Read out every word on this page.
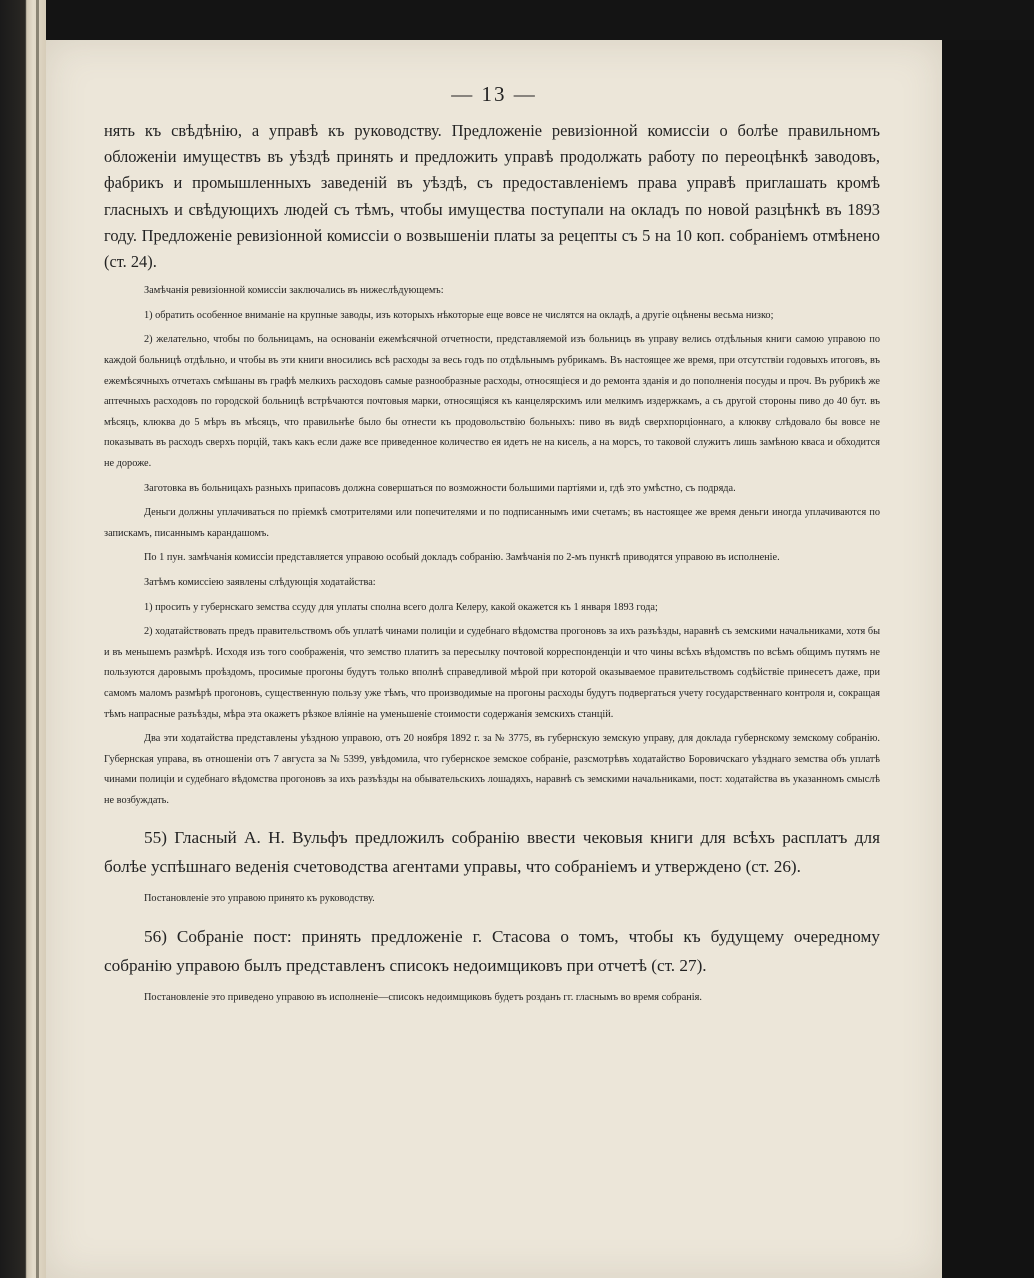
— 13 —

нять къ свѣдѣнію, а управѣ къ руководству. Предложеніе ревизіонной комиссіи о болѣе правильномъ обложеніи имуществъ въ уѣздѣ принять и предложить управѣ продолжать работу по переоцѣнкѣ заводовъ, фабрикъ и промышленныхъ заведеній въ уѣздѣ, съ предоставленіемъ права управѣ приглашать кромѣ гласныхъ и свѣдующихъ людей съ тѣмъ, чтобы имущества поступали на окладъ по новой разцѣнкѣ въ 1893 году. Предложеніе ревизіонной комиссіи о возвышеніи платы за рецепты съ 5 на 10 коп. собраніемъ отмѣнено (ст. 24).

Замѣчанія ревизіонной комиссіи заключались въ нижеслѣдующемъ:

1) обратить особенное вниманіе на крупные заводы, изъ которыхъ нѣкоторые еще вовсе не числятся на окладѣ, а другіе оцѣнены весьма низко;

2) желательно, чтобы по больницамъ, на основаніи ежемѣсячной отчетности, представляемой изъ больницъ въ управу велись отдѣльныя книги самою управою по каждой больницѣ отдѣльно, и чтобы въ эти книги вносились всѣ расходы за весь годъ по отдѣльнымъ рубрикамъ. Въ настоящее же время, при отсутствіи годовыхъ итоговъ, въ ежемѣсячныхъ отчетахъ смѣшаны въ графѣ мелкихъ расходовъ самые разнообразные расходы, относящіеся и до ремонта зданія и до пополненія посуды и проч. Въ рубрикѣ же аптечныхъ расходовъ по городской больницѣ встрѣчаются почтовыя марки, относящіяся къ канцелярскимъ или мелкимъ издержкамъ, а съ другой стороны пиво до 40 бут. въ мѣсяцъ, клюква до 5 мѣръ въ мѣсяцъ, что правильнѣе было бы отнести къ продовольствію больныхъ: пиво въ видѣ сверхпорціоннаго, а клюкву слѣдовало бы вовсе не показывать въ расходъ сверхъ порцій, такъ какъ если даже все приведенное количество ея идетъ не на кисель, а на морсъ, то таковой служитъ лишь замѣною кваса и обходится не дороже.

Заготовка въ больницахъ разныхъ припасовъ должна совершаться по возможности большими партіями и, гдѣ это умѣстно, съ подряда.

Деньги должны уплачиваться по пріемкѣ смотрителями или попечителями и по подписаннымъ ими счетамъ; въ настоящее же время деньги иногда уплачиваются по запискамъ, писаннымъ карандашомъ.

По 1 пун. замѣчанія комиссіи представляется управою особый докладъ собранію. Замѣчанія по 2-мъ пунктѣ приводятся управою въ исполненіе.

Затѣмъ комиссіею заявлены слѣдующія ходатайства:

1) просить у губернскаго земства ссуду для уплаты сполна всего долга Келеру, какой окажется къ 1 января 1893 года;

2) ходатайствовать предъ правительствомъ объ уплатѣ чинами полиціи и судебнаго вѣдомства прогоновъ за ихъ разъѣзды, наравнѣ съ земскими начальниками, хотя бы и въ меньшемъ размѣрѣ. Исходя изъ того соображенія, что земство платитъ за пересылку почтовой корреспонденціи и что чины всѣхъ вѣдомствъ по всѣмъ общимъ путямъ не пользуются даровымъ проѣздомъ, просимые прогоны будутъ только вполнѣ справедливой мѣрой при которой оказываемое правительствомъ содѣйствіе принесетъ даже, при самомъ маломъ размѣрѣ прогоновъ, существенную пользу уже тѣмъ, что производимые на прогоны расходы будутъ подвергаться учету государственнаго контроля и, сокращая тѣмъ напрасные разъѣзды, мѣра эта окажетъ рѣзкое вліяніе на уменьшеніе стоимости содержанія земскихъ станцій.

Два эти ходатайства представлены уѣздною управою, отъ 20 ноября 1892 г. за № 3775, въ губернскую земскую управу, для доклада губернскому земскому собранію. Губернская управа, въ отношеніи отъ 7 августа за № 5399, увѣдомила, что губернское земское собраніе, разсмотрѣвъ ходатайство Боровичскаго уѣзднаго земства объ уплатѣ чинами полиціи и судебнаго вѣдомства прогоновъ за ихъ разъѣзды на обывательскихъ лошадяхъ, наравнѣ съ земскими начальниками, пост: ходатайства въ указанномъ смыслѣ не возбуждать.

55) Гласный А. Н. Вульфъ предложилъ собранію ввести чековыя книги для всѣхъ расплатъ для болѣе успѣшнаго веденія счетоводства агентами управы, что собраніемъ и утверждено (ст. 26).

Постановленіе это управою принято къ руководству.

56) Собраніе пост: принять предложеніе г. Стасова о томъ, чтобы къ будущему очередному собранію управою былъ представленъ списокъ недоимщиковъ при отчетѣ (ст. 27).

Постановленіе это приведено управою въ исполненіе—списокъ недоимщиковъ будетъ розданъ гг. гласнымъ во время собранія.
